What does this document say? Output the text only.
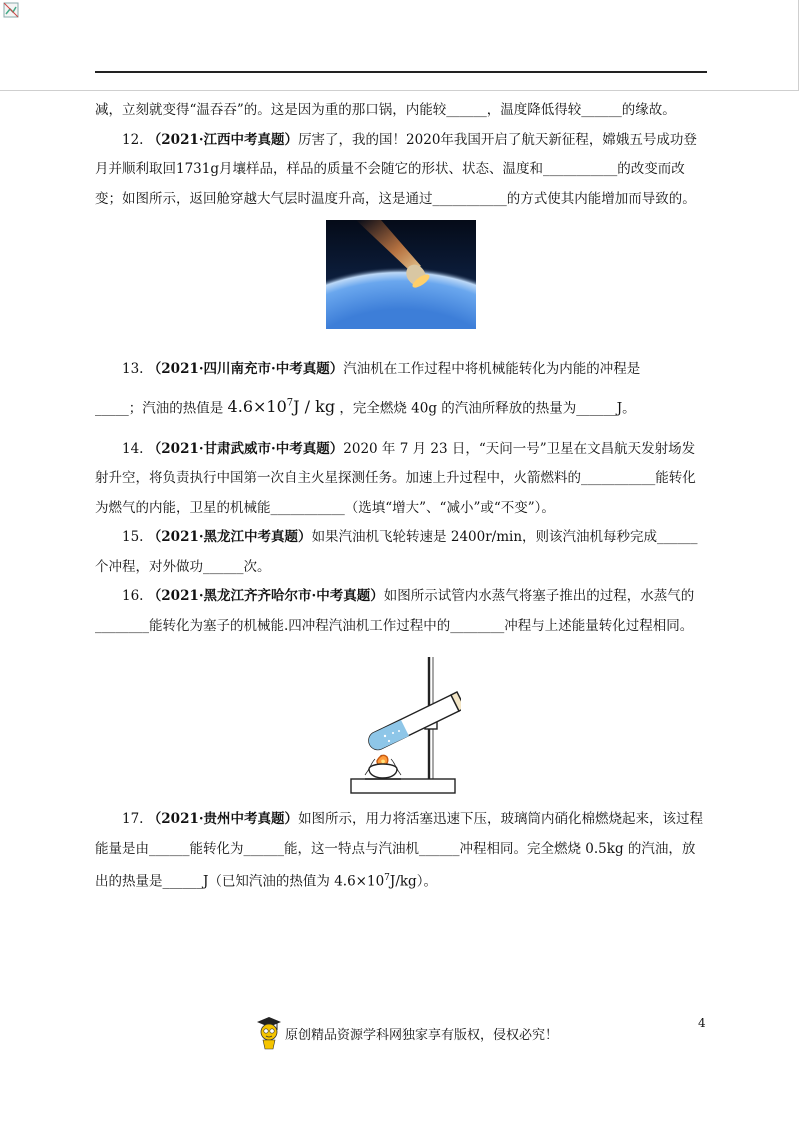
减，立刻就变得“温吞吞”的。这是因为重的那口锅，内能较______，温度降低得较______的缘故。

12. （2021·江西中考真题）厉害了，我的国！2020年我国开启了航天新征程，嫦娥五号成功登月并顺利取回1731g月壤样品，样品的质量不会随它的形状、状态、温度和___________的改变而改变；如图所示，返回舱穿越大气层时温度升高，这是通过___________的方式使其内能增加而导致的。

13. （2021·四川南充市·中考真题）汽油机在工作过程中将机械能转化为内能的冲程是

_____；汽油的热值是 $4.6\times 10^7J$ / kg ，完全燃烧 40g 的汽油所释放的热量为______J。

14. （2021·甘肃武威市·中考真题）2020 年 7 月 23 日，“天问一号”卫星在文昌航天发射场发射升空，将负责执行中国第一次自主火星探测任务。加速上升过程中，火箭燃料的___________能转化为燃气的内能，卫星的机械能___________（选填“增大”、“减小”或“不变”）。

15. （2021·黑龙江中考真题）如果汽油机飞轮转速是 2400r/min，则该汽油机每秒完成______个冲程，对外做功______次。

16. （2021·黑龙江齐齐哈尔市·中考真题）如图所示试管内水蒸气将塞子推出的过程，水蒸气的________能转化为塞子的机械能.四冲程汽油机工作过程中的________冲程与上述能量转化过程相同。

17. （2021·贵州中考真题）如图所示，用力将活塞迅速下压，玻璃筒内硝化棉燃烧起来，该过程能量是由______能转化为______能，这一特点与汽油机______冲程相同。完全燃烧 0.5kg 的汽油，放出的热量是______J（已知汽油的热值为 $4.6\times 10^7J/kg$）。

4
原创精品资源学科网独家享有版权，侵权必究！
